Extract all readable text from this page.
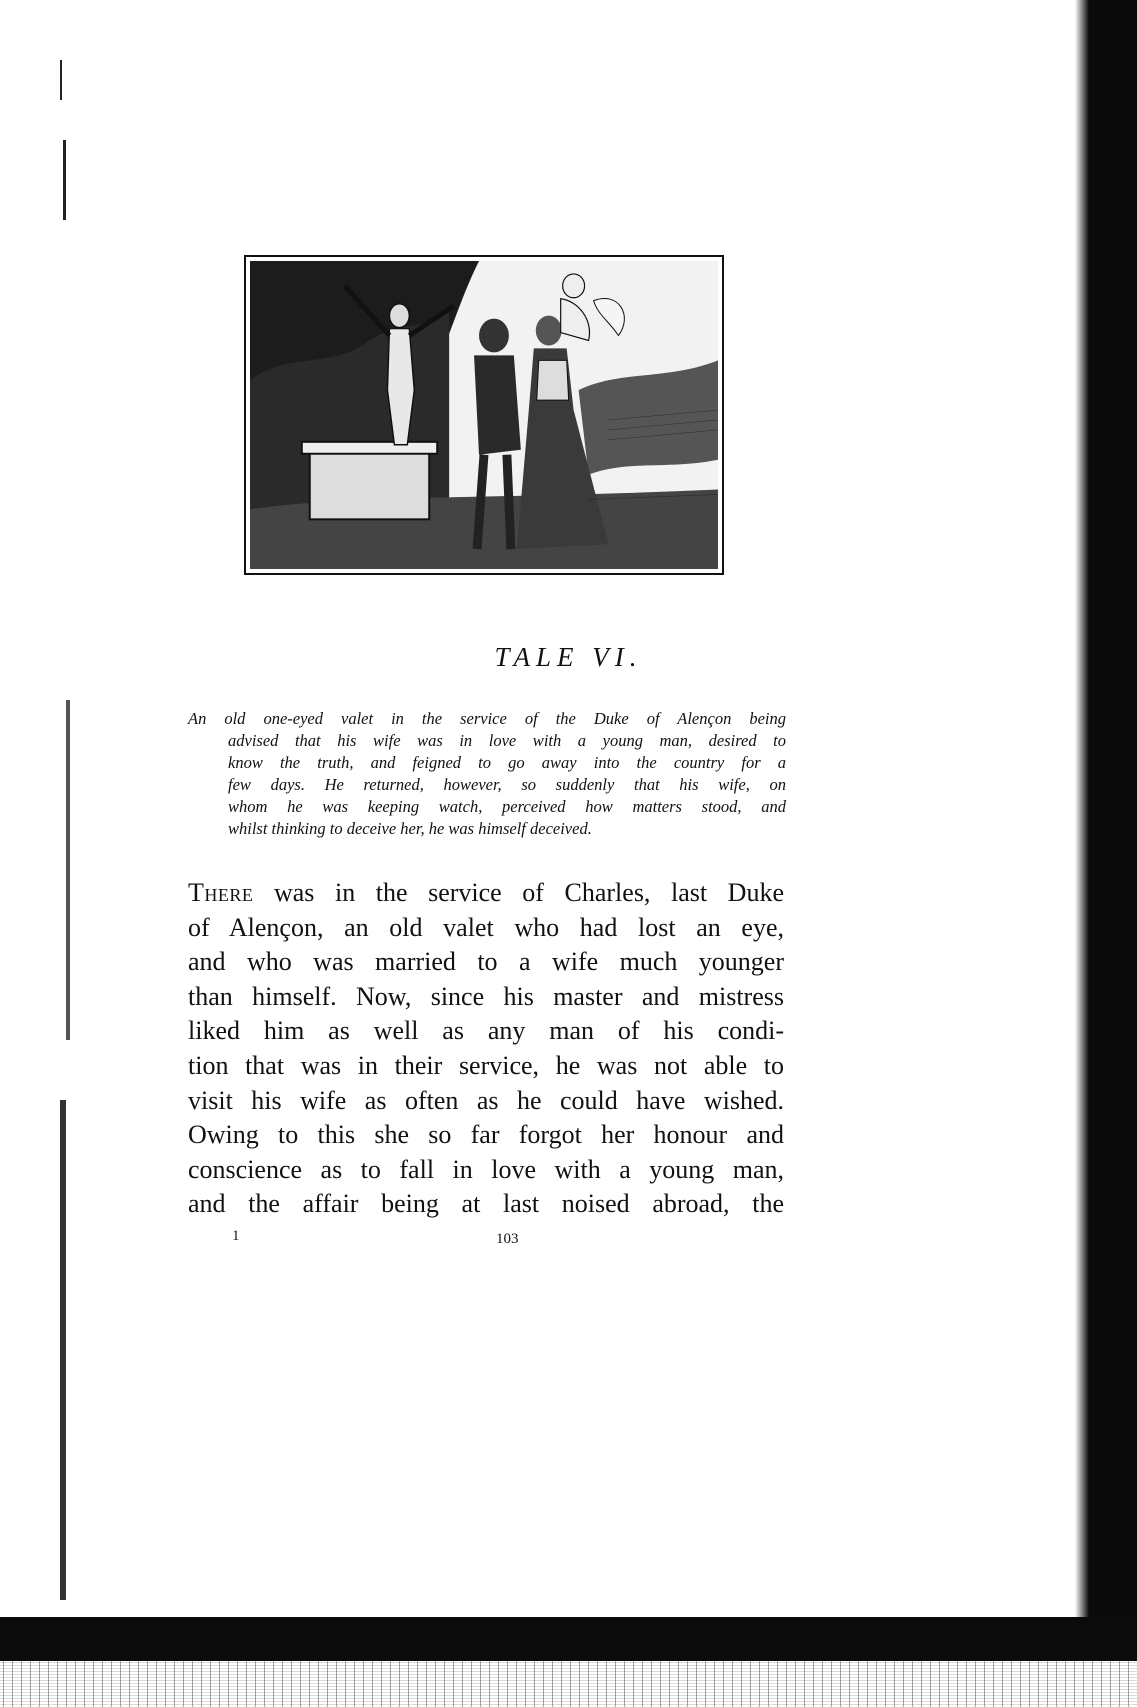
TALE VI.
An old one-eyed valet in the service of the Duke of Alençon being
advised that his wife was in love with a young man, desired to
know the truth, and feigned to go away into the country for a
few days. He returned, however, so suddenly that his wife, on
whom he was keeping watch, perceived how matters stood, and
whilst thinking to deceive her, he was himself deceived.
There was in the service of Charles, last Duke
of Alençon, an old valet who had lost an eye,
and who was married to a wife much younger
than himself. Now, since his master and mistress
liked him as well as any man of his condi-
tion that was in their service, he was not able to
visit his wife as often as he could have wished.
Owing to this she so far forgot her honour and
conscience as to fall in love with a young man,
and the affair being at last noised abroad, the
1	103
